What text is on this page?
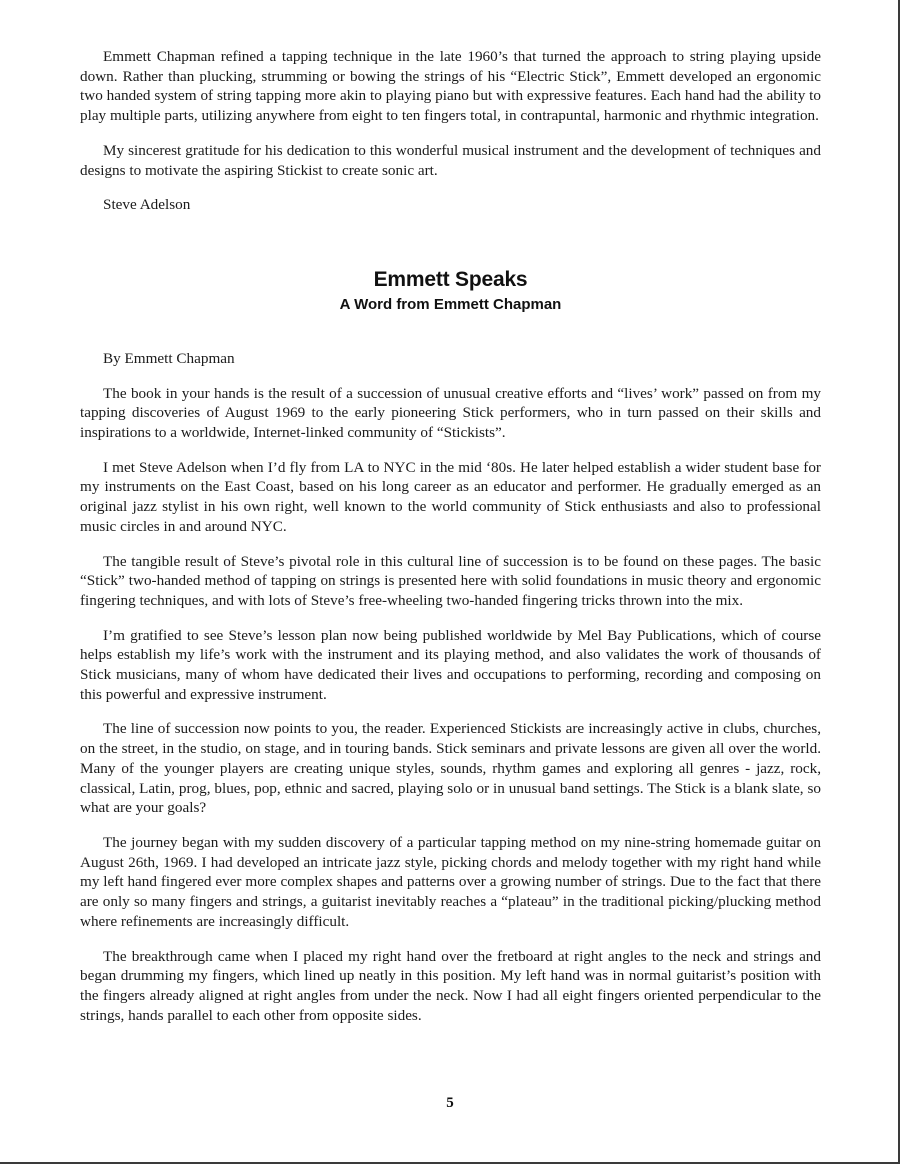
Emmett Chapman refined a tapping technique in the late 1960’s that turned the approach to string playing upside down. Rather than plucking, strumming or bowing the strings of his “Electric Stick”, Emmett developed an ergonomic two handed system of string tapping more akin to playing piano but with expressive features. Each hand had the ability to play multiple parts, utilizing anywhere from eight to ten fingers total, in contrapuntal, harmonic and rhythmic integration.

My sincerest gratitude for his dedication to this wonderful musical instrument and the development of techniques and designs to motivate the aspiring Stickist to create sonic art.

Steve Adelson

Emmett Speaks
A Word from Emmett Chapman

By Emmett Chapman

The book in your hands is the result of a succession of unusual creative efforts and “lives’ work” passed on from my tapping discoveries of August 1969 to the early pioneering Stick performers, who in turn passed on their skills and inspirations to a worldwide, Internet-linked community of “Stickists”.

I met Steve Adelson when I’d fly from LA to NYC in the mid ‘80s. He later helped establish a wider student base for my instruments on the East Coast, based on his long career as an educator and performer. He gradually emerged as an original jazz stylist in his own right, well known to the world community of Stick enthusiasts and also to professional music circles in and around NYC.

The tangible result of Steve’s pivotal role in this cultural line of succession is to be found on these pages. The basic “Stick” two-handed method of tapping on strings is presented here with solid foundations in music theory and ergonomic fingering techniques, and with lots of Steve’s free-wheeling two-handed fingering tricks thrown into the mix.

I’m gratified to see Steve’s lesson plan now being published worldwide by Mel Bay Publications, which of course helps establish my life’s work with the instrument and its playing method, and also validates the work of thousands of Stick musicians, many of whom have dedicated their lives and occupations to performing, recording and composing on this powerful and expressive instrument.

The line of succession now points to you, the reader. Experienced Stickists are increasingly active in clubs, churches, on the street, in the studio, on stage, and in touring bands. Stick seminars and private lessons are given all over the world. Many of the younger players are creating unique styles, sounds, rhythm games and exploring all genres - jazz, rock, classical, Latin, prog, blues, pop, ethnic and sacred, playing solo or in unusual band settings. The Stick is a blank slate, so what are your goals?

The journey began with my sudden discovery of a particular tapping method on my nine-string homemade guitar on August 26th, 1969. I had developed an intricate jazz style, picking chords and melody together with my right hand while my left hand fingered ever more complex shapes and patterns over a growing number of strings. Due to the fact that there are only so many fingers and strings, a guitarist inevitably reaches a “plateau” in the traditional picking/plucking method where refinements are increasingly difficult.

The breakthrough came when I placed my right hand over the fretboard at right angles to the neck and strings and began drumming my fingers, which lined up neatly in this position. My left hand was in normal guitarist’s position with the fingers already aligned at right angles from under the neck. Now I had all eight fingers oriented perpendicular to the strings, hands parallel to each other from opposite sides.

5
